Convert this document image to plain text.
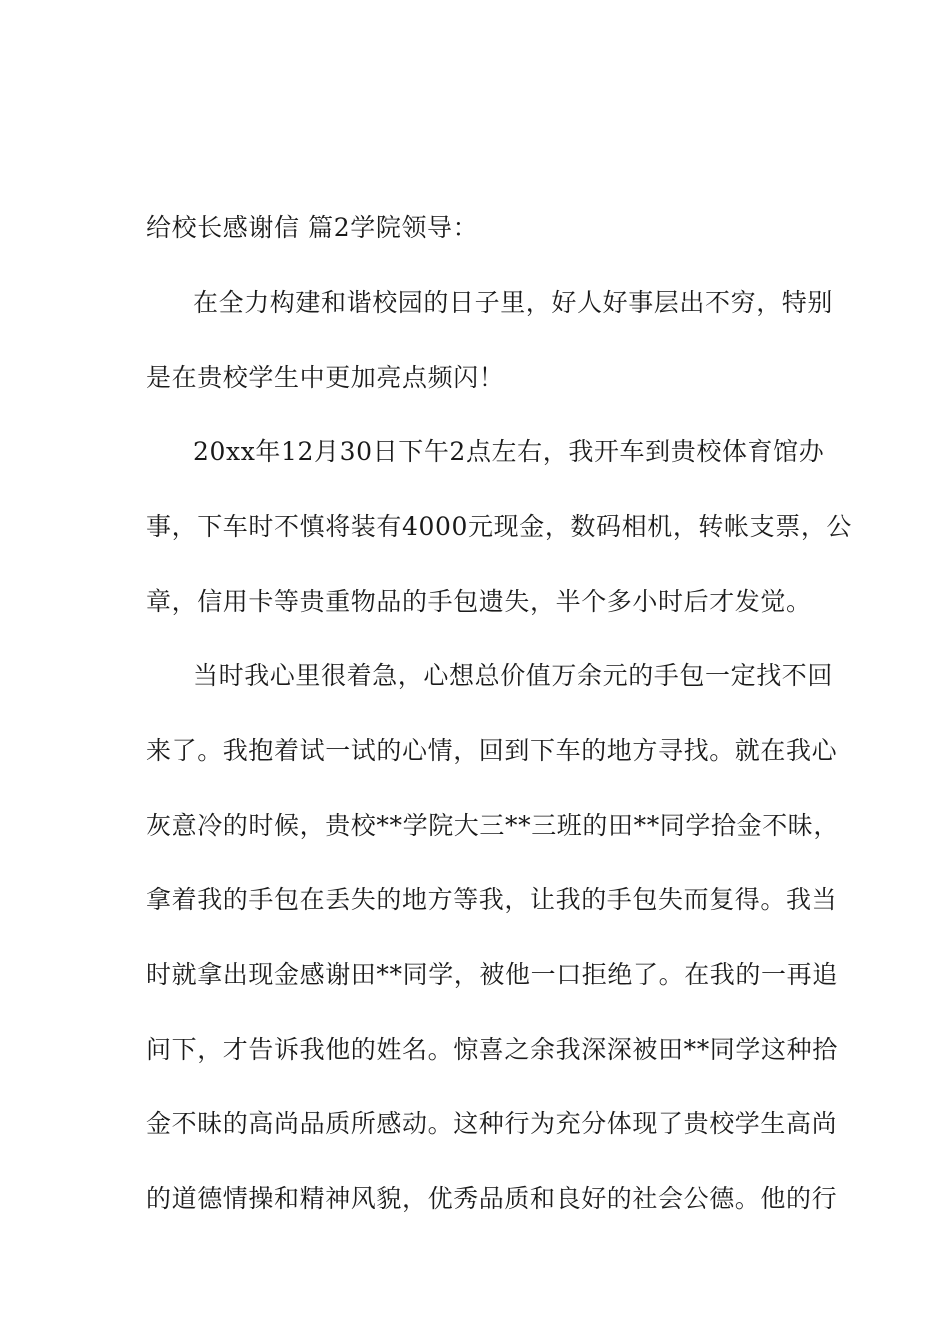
给校长感谢信 篇2学院领导：
在全力构建和谐校园的日子里，好人好事层出不穷，特别
是在贵校学生中更加亮点频闪！
20xx年12月30日下午2点左右，我开车到贵校体育馆办
事，下车时不慎将装有4000元现金，数码相机，转帐支票，公
章，信用卡等贵重物品的手包遗失，半个多小时后才发觉。
当时我心里很着急，心想总价值万余元的手包一定找不回
来了。我抱着试一试的心情，回到下车的地方寻找。就在我心
灰意冷的时候，贵校**学院大三**三班的田**同学拾金不昧，
拿着我的手包在丢失的地方等我，让我的手包失而复得。我当
时就拿出现金感谢田**同学，被他一口拒绝了。在我的一再追
问下，才告诉我他的姓名。惊喜之余我深深被田**同学这种拾
金不昧的高尚品质所感动。这种行为充分体现了贵校学生高尚
的道德情操和精神风貌，优秀品质和良好的社会公德。他的行
